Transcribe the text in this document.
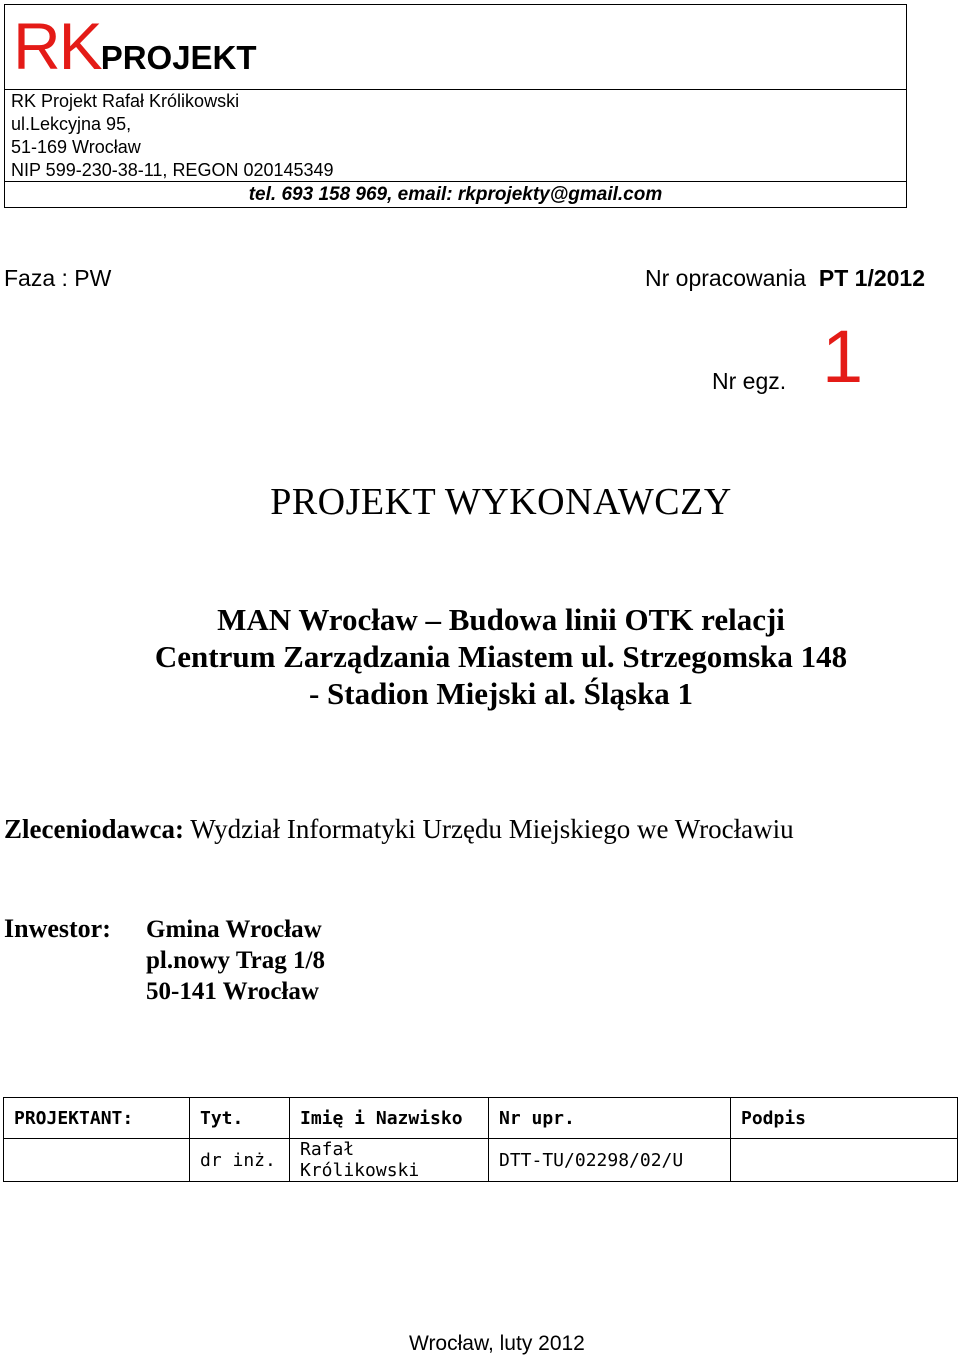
RKPROJEKT
RK Projekt Rafał Królikowski
ul.Lekcyjna 95,
51-169 Wrocław
NIP 599-230-38-11, REGON 020145349
tel. 693 158 969, email: rkprojekty@gmail.com
Faza : PW	Nr opracowania PT 1/2012
Nr egz. 1
PROJEKT WYKONAWCZY
MAN Wrocław – Budowa linii OTK relacji
Centrum Zarządzania Miastem ul. Strzegomska 148
- Stadion Miejski al. Śląska 1
Zleceniodawca: Wydział Informatyki Urzędu Miejskiego we Wrocławiu
Inwestor: Gmina Wrocław
pl.nowy Trag 1/8
50-141 Wrocław
PROJEKTANT:	Tyt.	Imię i Nazwisko	Nr upr.	Podpis
	dr inż.	Rafał Królikowski	DTT-TU/02298/02/U	
Wrocław, luty 2012
